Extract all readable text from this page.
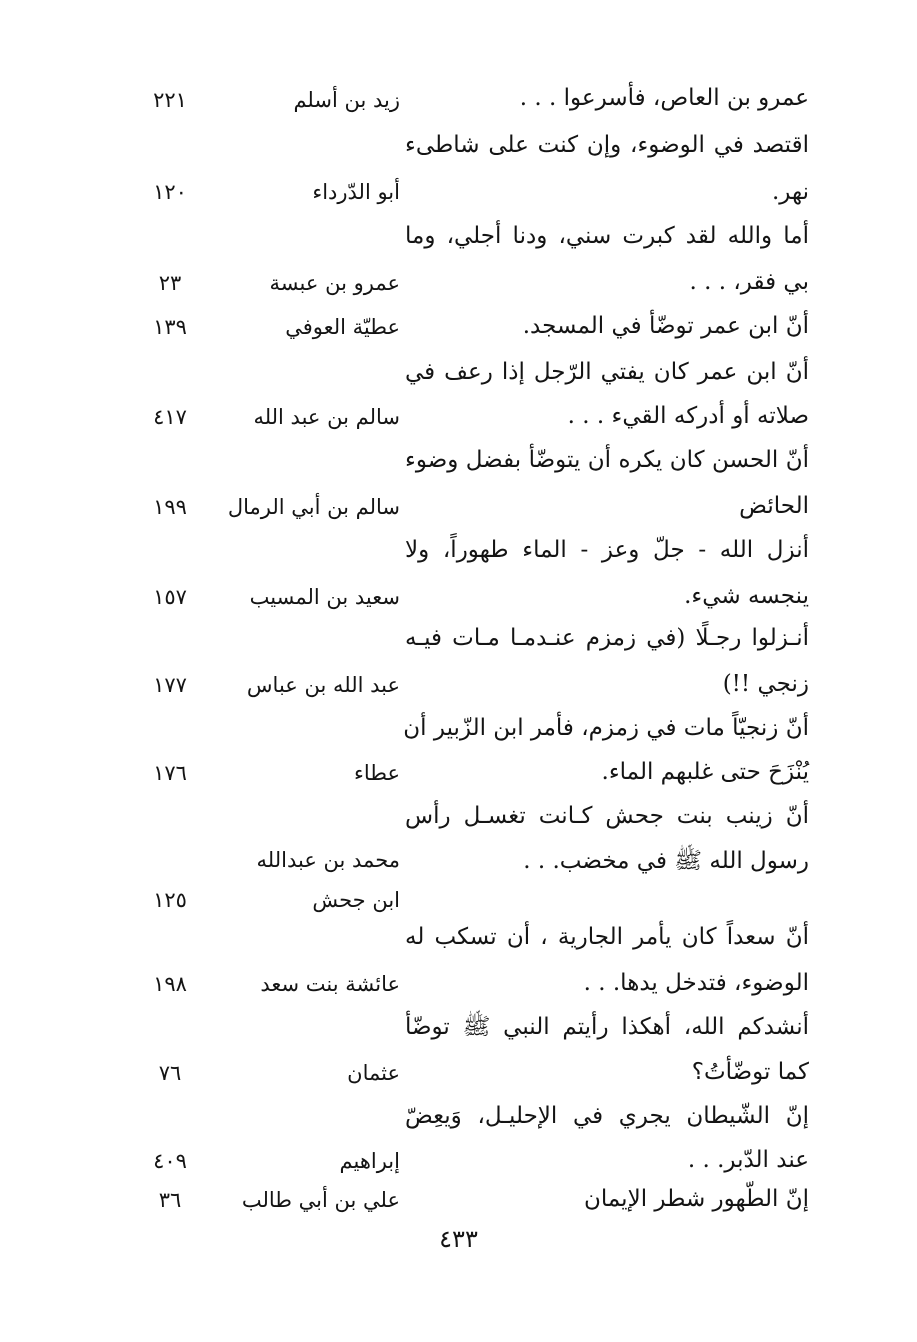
عمرو بن العاص، فأسرعوا . . .
زيد بن أسلم
٢٢١
اقتصد في الوضوء، وإن كنت على شاطىء
نهر.
أبو الدّرداء
١٢٠
أما والله لقد كبرت سني، ودنا أجلي، وما
بي فقر، . . .
عمرو بن عبسة
٢٣
أنّ ابن عمر توضّأ في المسجد.
عطيّة العوفي
١٣٩
أنّ ابن عمر كان يفتي الرّجل إذا رعف في
صلاته أو أدركه القيء . . .
سالم بن عبد الله
٤١٧
أنّ الحسن كان يكره أن يتوضّأ بفضل وضوء
الحائض
سالم بن أبي الرمال
١٩٩
أنزل الله - جلّ وعز - الماء طهوراً، ولا
ينجسه شيء.
سعيد بن المسيب
١٥٧
أنـزلوا رجـلًا (في زمزم عنـدمـا مـات فيـه
زنجي !!)
عبد الله بن عباس
١٧٧
أنّ زنجيّاً مات في زمزم، فأمر ابن الزّبير أن
يُنْزَحَ حتى غلبهم الماء.
عطاء
١٧٦
أنّ زينب بنت جحش كـانت تغسـل رأس
رسول الله ﷺ في مخضب. . .
محمد بن عبدالله
ابن جحش
١٢٥
أنّ سعداً كان يأمر الجارية ، أن تسكب له
الوضوء، فتدخل يدها. . .
عائشة بنت سعد
١٩٨
أنشدكم الله، أهكذا رأيتم النبي ﷺ توضّأ
كما توضّأتُ؟
عثمان
٧٦
إنّ الشّيطان يجري في الإحليـل، وَيعِضّ
عند الدّبر. . .
إبراهيم
٤٠٩
إنّ الطّهور شطر الإيمان
علي بن أبي طالب
٣٦
٤٣٣
